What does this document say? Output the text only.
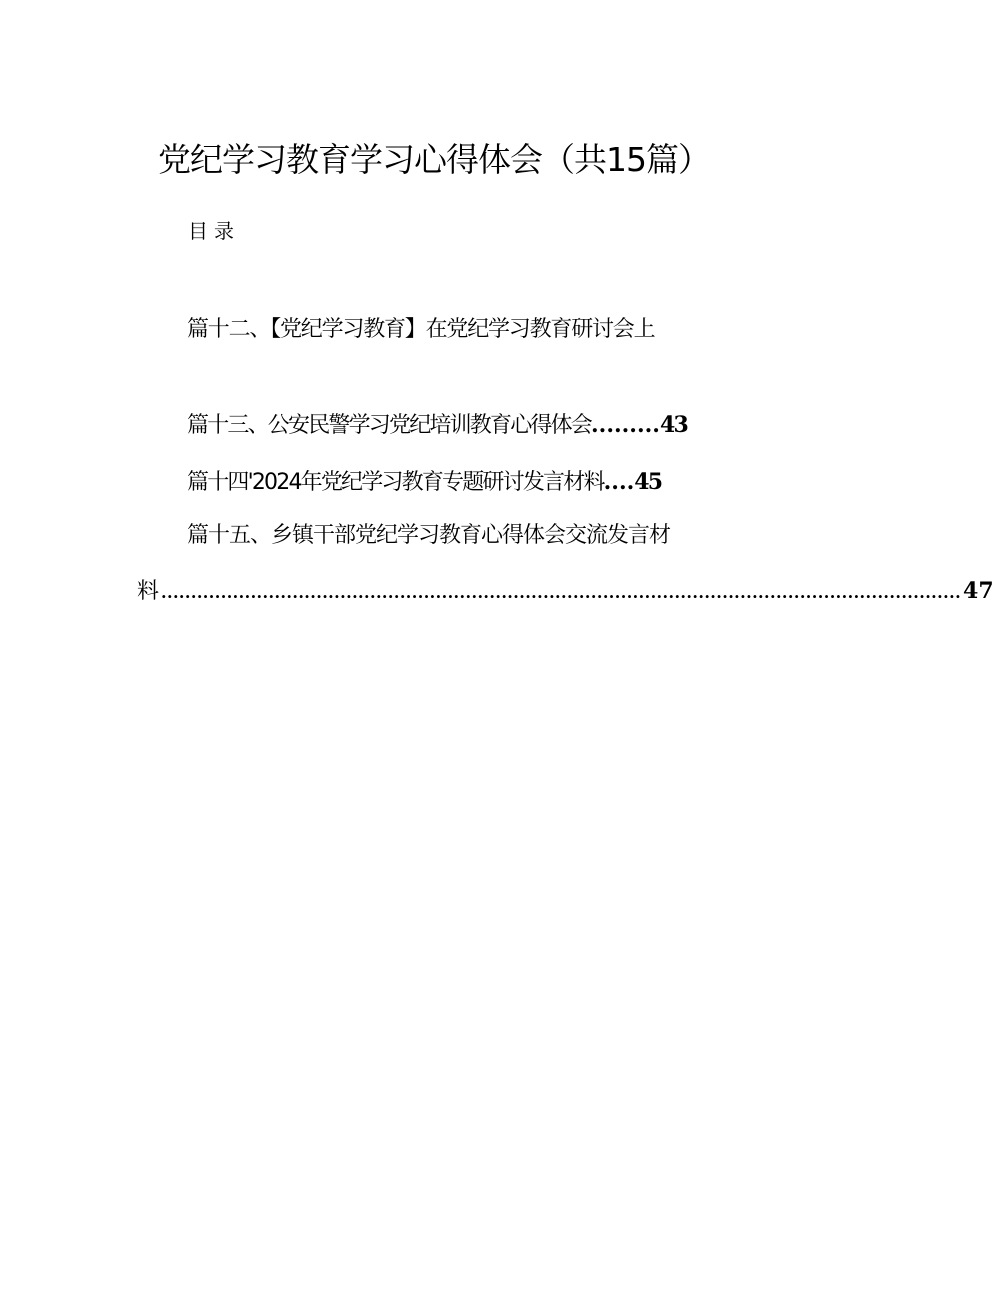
党纪学习教育学习心得体会（共15篇）
目录
篇十二、【党纪学习教育】在党纪学习教育研讨会上
篇十三、公安民警学习党纪培训教育心得体会.........43
篇十四'2024年党纪学习教育专题研讨发言材料....45
篇十五、乡镇干部党纪学习教育心得体会交流发言材
料 ...................................................................................................................................... 47
